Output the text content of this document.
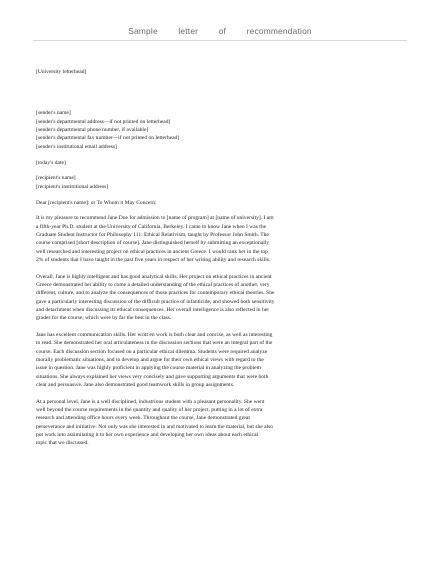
Sample letter of recommendation
[University letterhead]
[sender's name]
[sender's departmental address—if not printed on letterhead]
[sender's departmental phone number, if available]
[sender's departmental fax number—if not printed on letterhead]
[sender's institutional email address]
[today's date]
[recipient's name]
[recipient's institutional address]
Dear [recipient's name]: or To Whom it May Concern:
It is my pleasure to recommend Jane Doe for admission to [name of program] at [name of university]. I am
a fifth-year Ph.D. student at the University of California, Berkeley. I came to know Jane when I was the
Graduate Student Instructor for Philosophy 111: Ethical Relativism, taught by Professor John Smith. The
course comprised [short description of course]. Jane distinguished herself by submitting an exceptionally
well researched and interesting project on ethical practices in ancient Greece. I would rank her in the top
2% of students that I have taught in the past five years in respect of her writing ability and research skills.
Overall, Jane is highly intelligent and has good analytical skills. Her project on ethical practices in ancient
Greece demonstrated her ability to come a detailed understanding of the ethical practices of another, very
different, culture, and to analyze the consequences of those practices for contemporary ethical theories. She
gave a particularly interesting discussion of the difficult practice of infanticide, and showed both sensitivity
and detachment when discussing its ethical consequences. Her overall intelligence is also reflected in her
grades for the course, which were by far the best in the class.
Jane has excellent communication skills. Her writt en work is both clear and concise, as well as interesting
to read. She demonstrated her oral articulateness in the discussion sections that were an integral part of the
course. Each discussion section focused on a particular ethical dilemma. Students were required analyze
morally problematic situations, and to develop and argue for their own ethical views with regard to the
issue in question. Jane was highly proficient in applying the course material in analyzing the problem
situations. She always explained her views very concisely and gave supporting arguments that were both
clear and persuasive. Jane also demonstrated good teamwork skills in group assignments.
At a personal level, Jane is a well disciplined, industrious student with a pleasant personality. She went
well beyond the course requirements in the quantity and quality of her project, putting in a lot of extra
research and attending office hours every week. Throughout the course, Jane demonstrated great
perseverance and initiative. Not only was she interested in and motivated to learn the material, but she also
put work into assimilating it to her own experience and developing her own ideas about each ethical
topic that we discussed.
